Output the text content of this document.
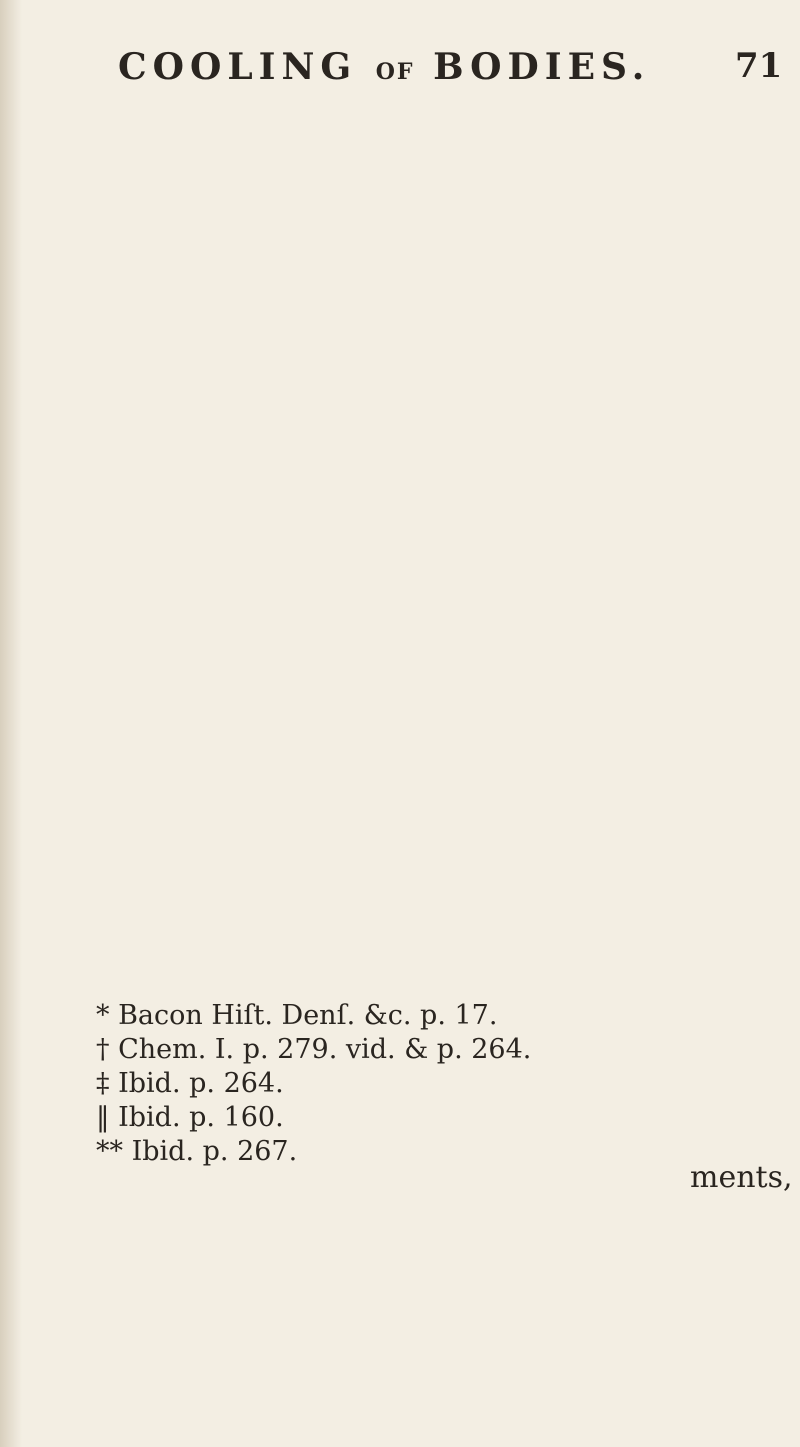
COOLING OF BODIES. 71
* Bacon Hiſt. Denſ. &c. p. 17.
† Chem. I. p. 279. vid. & p. 264.
‡ Ibid. p. 264.
‖ Ibid. p. 160.
** Ibid. p. 267.
ments,
